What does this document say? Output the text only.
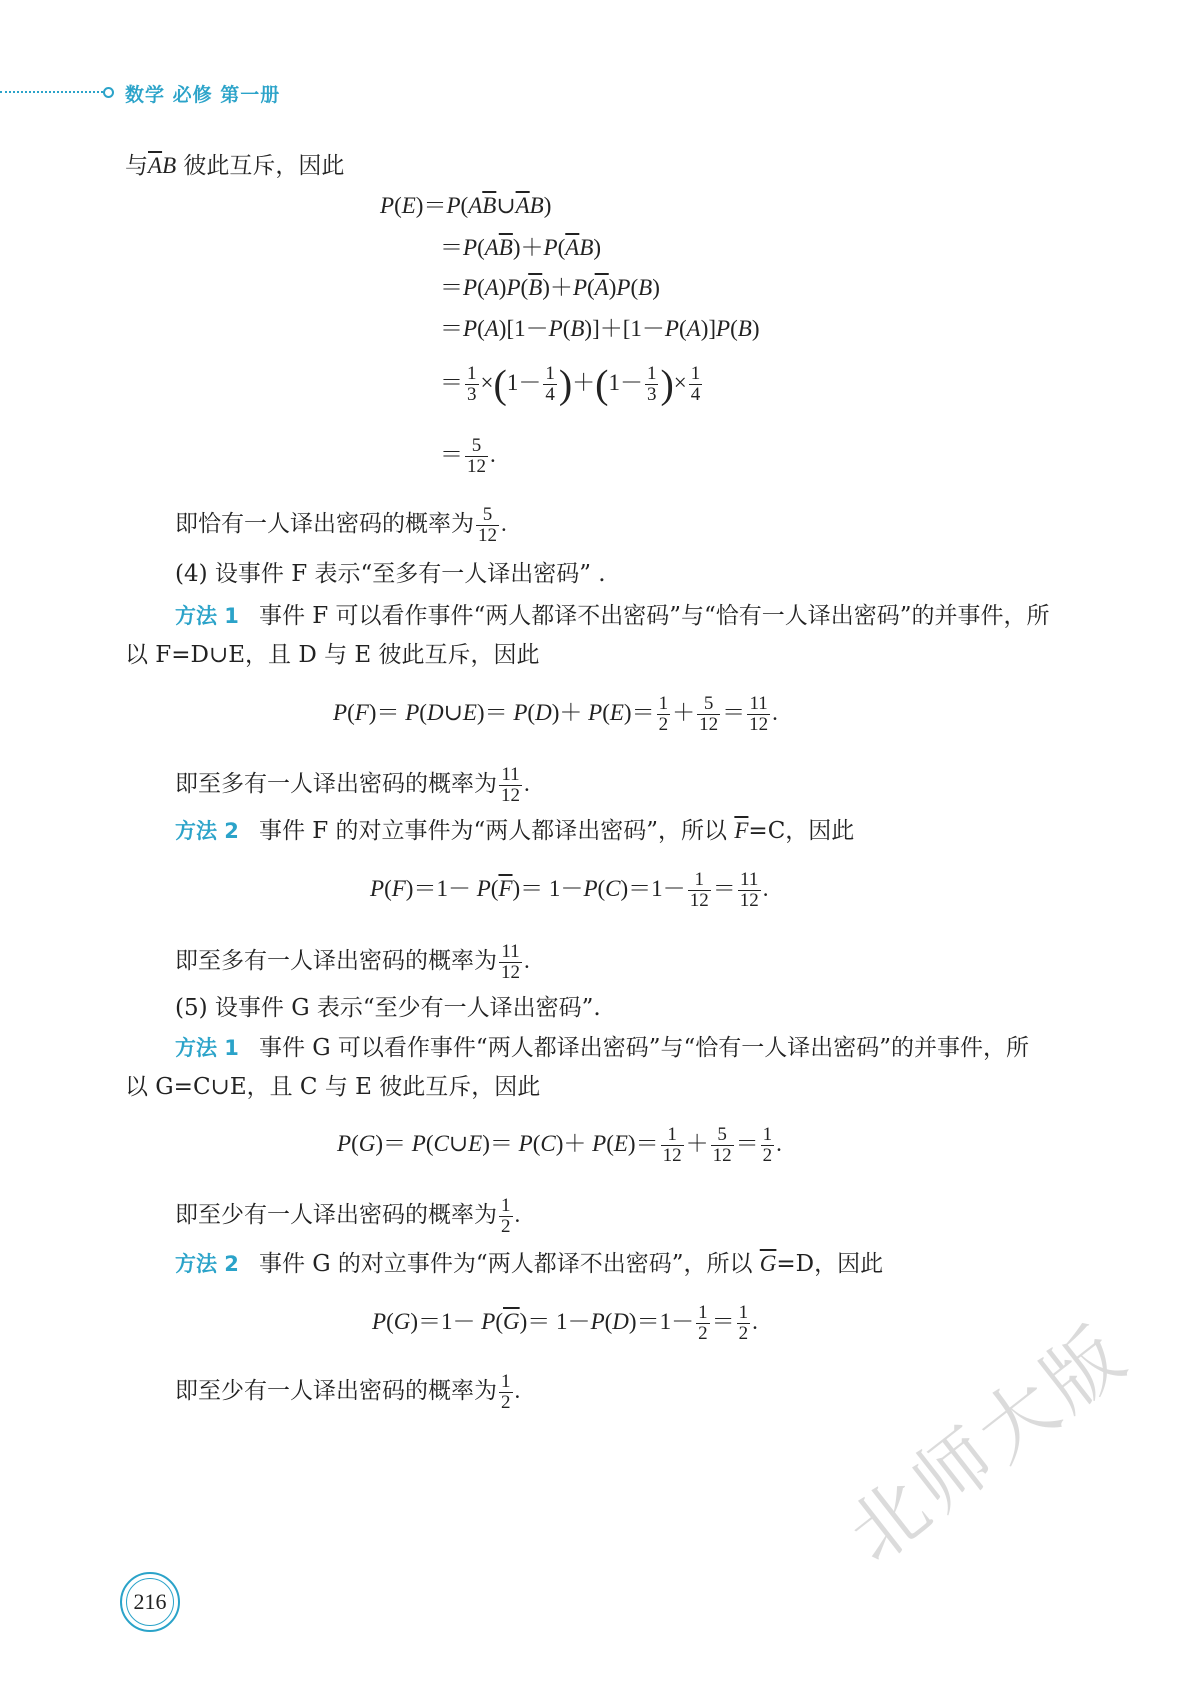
数学 必修 第一册
与$\overline{A}B$ 彼此互斥，因此
$P(E)=P(A\overline{B}\cup\overline{A}B)$
$=P(A\overline{B})+P(\overline{A}B)$
$=P(A)P(\overline{B})+P(\overline{A})P(B)$
＝P(A)[1－P(B)]＋[1－P(A)]P(B)
＝ $\frac{1}{3} \times(1- \frac{1}{4} )+(1- \frac{1}{3}$ )× $\frac{1}{4}$
＝ $\frac{5}{12}$ .
即恰有一人译出密码的概率为 $\frac{5}{12}$ .
(4) 设事件 F 表示“至多有一人译出密码” .
方法 1 事件 F 可以看作事件“两人都译不出密码”与“恰有一人译出密码”的并事件，所
以 F=D∪E，且 D 与 E 彼此互斥，因此
P(F)＝ P(D∪E)＝ $P(D)+ P(E)= \frac{1}{2} + \frac{5}{12} = \frac{11}{12}$ .
即至多有一人译出密码的概率为 $\frac{11}{12}$ .
方法 2 事件 F 的对立事件为“两人都译出密码”，所以 $\overline{F}=C$，因此
$P(F)=1- P(\overline{F})= 1-P(C)=1- \frac{1}{12} = \frac{11}{12}$ .
即至多有一人译出密码的概率为 $\frac{11}{12}$ .
(5) 设事件 G 表示“至少有一人译出密码”.
方法 1 事件 G 可以看作事件“两人都译出密码”与“恰有一人译出密码”的并事件，所
以 G=C∪E，且 C 与 E 彼此互斥，因此
P(G)＝ P(C∪E)＝ $P(C)+ P(E)= \frac{1}{12} + \frac{5}{12} = \frac{1}{2}$ .
即至少有一人译出密码的概率为 $\frac{1}{2}$ .
方法 2 事件 G 的对立事件为“两人都译不出密码”，所以 $\overline{G}=D$，因此
$P(G)=1- P(\overline{G})= 1-P(D)=1- \frac{1}{2} = \frac{1}{2}$ .
即至少有一人译出密码的概率为 $\frac{1}{2}$ .
216
北师大版
